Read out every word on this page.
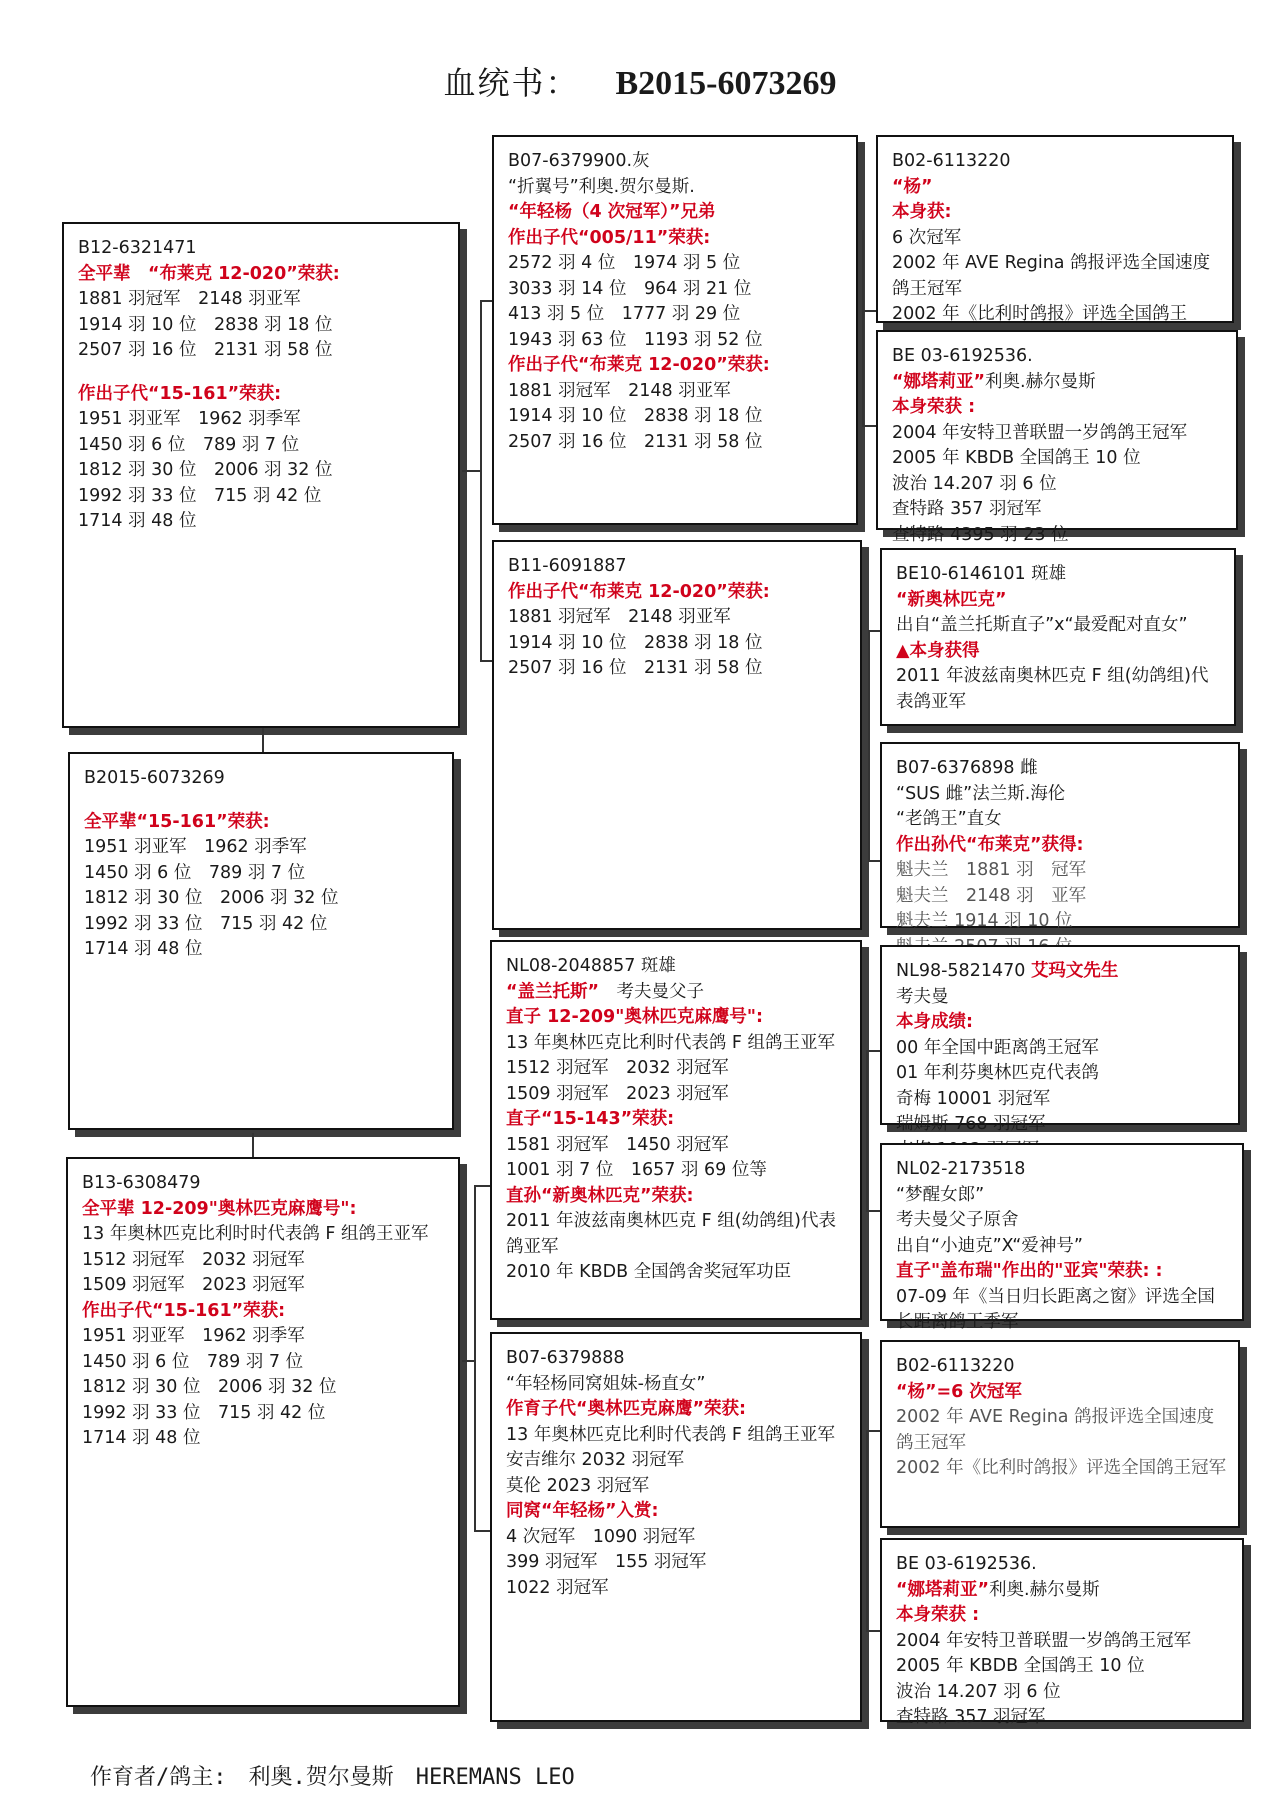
血统书： B2015-6073269
B2015-6073269
全平辈“15-161”荣获:
1951 羽亚军　1962 羽季军
1450 羽 6 位　789 羽 7 位
1812 羽 30 位　2006 羽 32 位
1992 羽 33 位　715 羽 42 位
1714 羽 48 位
B12-6321471
全平辈　“布莱克 12-020”荣获:
1881 羽冠军　2148 羽亚军
1914 羽 10 位　2838 羽 18 位
2507 羽 16 位　2131 羽 58 位
作出子代“15-161”荣获:
1951 羽亚军　1962 羽季军
1450 羽 6 位　789 羽 7 位
1812 羽 30 位　2006 羽 32 位
1992 羽 33 位　715 羽 42 位
1714 羽 48 位
B13-6308479
全平辈 12-209"奥林匹克麻鹰号":
13 年奥林匹克比利时时代表鸽 F 组鸽王亚军
1512 羽冠军　2032 羽冠军
1509 羽冠军　2023 羽冠军
作出子代“15-161”荣获:
1951 羽亚军　1962 羽季军
1450 羽 6 位　789 羽 7 位
1812 羽 30 位　2006 羽 32 位
1992 羽 33 位　715 羽 42 位
1714 羽 48 位
B07-6379900.灰
“折翼号”利奥.贺尔曼斯.
“年轻杨（4 次冠军）”兄弟
作出子代“005/11”荣获:
2572 羽 4 位　1974 羽 5 位
3033 羽 14 位　964 羽 21 位
413 羽 5 位　1777 羽 29 位
1943 羽 63 位　1193 羽 52 位
作出子代“布莱克 12-020”荣获:
1881 羽冠军　2148 羽亚军
1914 羽 10 位　2838 羽 18 位
2507 羽 16 位　2131 羽 58 位
B11-6091887
作出子代“布莱克 12-020”荣获:
1881 羽冠军　2148 羽亚军
1914 羽 10 位　2838 羽 18 位
2507 羽 16 位　2131 羽 58 位
NL08-2048857 斑雄
“盖兰托斯”　考夫曼父子
直子 12-209"奥林匹克麻鹰号":
13 年奥林匹克比利时代表鸽 F 组鸽王亚军
1512 羽冠军　2032 羽冠军
1509 羽冠军　2023 羽冠军
直子“15-143”荣获:
1581 羽冠军　1450 羽冠军
1001 羽 7 位　1657 羽 69 位等
直孙“新奥林匹克”荣获:
2011 年波兹南奥林匹克 F 组(幼鸽组)代表鸽亚军
2010 年 KBDB 全国鸽舍奖冠军功臣
B07-6379888
“年轻杨同窝姐妹-杨直女”
作育子代“奥林匹克麻鹰”荣获:
13 年奥林匹克比利时代表鸽 F 组鸽王亚军
安吉维尔 2032 羽冠军
莫伦 2023 羽冠军
同窝“年轻杨”入赏:
4 次冠军　1090 羽冠军
399 羽冠军　155 羽冠军
1022 羽冠军
B02-6113220
“杨”
本身获:
6 次冠军
2002 年 AVE Regina 鸽报评选全国速度鸽王冠军
2002 年《比利时鸽报》评选全国鸽王
BE 03-6192536.
“娜塔莉亚”利奥.赫尔曼斯
本身荣获 :
2004 年安特卫普联盟一岁鸽鸽王冠军
2005 年 KBDB 全国鸽王 10 位
波治 14.207 羽 6 位
查特路 357 羽冠军
查特路 4395 羽 23 位
BE10-6146101 斑雄
“新奥林匹克”
出自“盖兰托斯直子”x“最爱配对直女”
▲本身获得
2011 年波兹南奥林匹克 F 组(幼鸽组)代表鸽亚军
B07-6376898 雌
“SUS 雌”法兰斯.海伦
“老鸽王”直女
作出孙代“布莱克”获得:
魁夫兰　1881 羽　冠军
魁夫兰　2148 羽　亚军
魁夫兰 1914 羽 10 位
NL98-5821470 艾玛文先生
考夫曼
本身成绩:
00 年全国中距离鸽王冠军
01 年利芬奥林匹克代表鸽
奇梅 10001 羽冠军
瑞姆斯 768 羽冠军
NL02-2173518
“梦醒女郎”
考夫曼父子原舍
出自“小迪克”X“爱神号”
直子"盖布瑞"作出的"亚宾"荣获: :
07-09 年《当日归长距离之窗》评选全国长距离鸽王季军
B02-6113220
“杨”=6 次冠军
2002 年 AVE Regina 鸽报评选全国速度鸽王冠军
2002 年《比利时鸽报》评选全国鸽王冠军
BE 03-6192536.
“娜塔莉亚”利奥.赫尔曼斯
本身荣获 :
2004 年安特卫普联盟一岁鸽鸽王冠军
2005 年 KBDB 全国鸽王 10 位
波治 14.207 羽 6 位
查特路 357 羽冠军
作育者/鸽主: 利奥.贺尔曼斯 HEREMANS LEO
